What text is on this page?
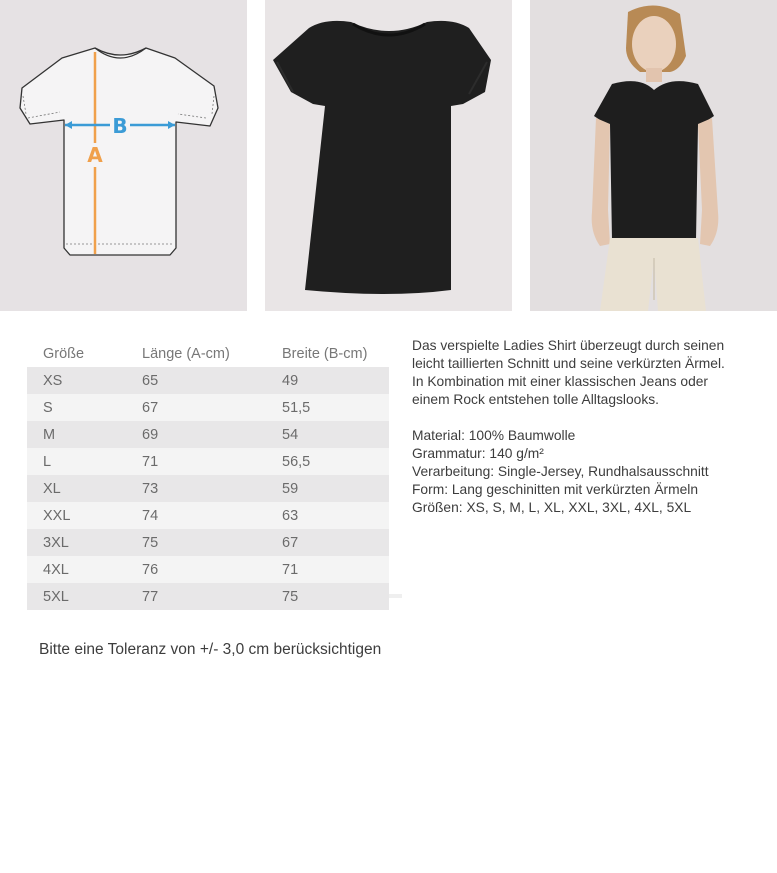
B
A
Größe	Länge (A-cm)	Breite (B-cm)
XS	65	49
S	67	51,5
M	69	54
L	71	56,5
XL	73	59
XXL	74	63
3XL	75	67
4XL	76	71
5XL	77	75

Bitte eine Toleranz von +/- 3,0 cm berücksichtigen

Das verspielte Ladies Shirt überzeugt durch seinen
leicht taillierten Schnitt und seine verkürzten Ärmel.
In Kombination mit einer klassischen Jeans oder
einem Rock entstehen tolle Alltagslooks.

Material: 100% Baumwolle
Grammatur: 140 g/m²
Verarbeitung: Single-Jersey, Rundhalsausschnitt
Form: Lang geschinitten mit verkürzten Ärmeln
Größen: XS, S, M, L, XL, XXL, 3XL, 4XL, 5XL
